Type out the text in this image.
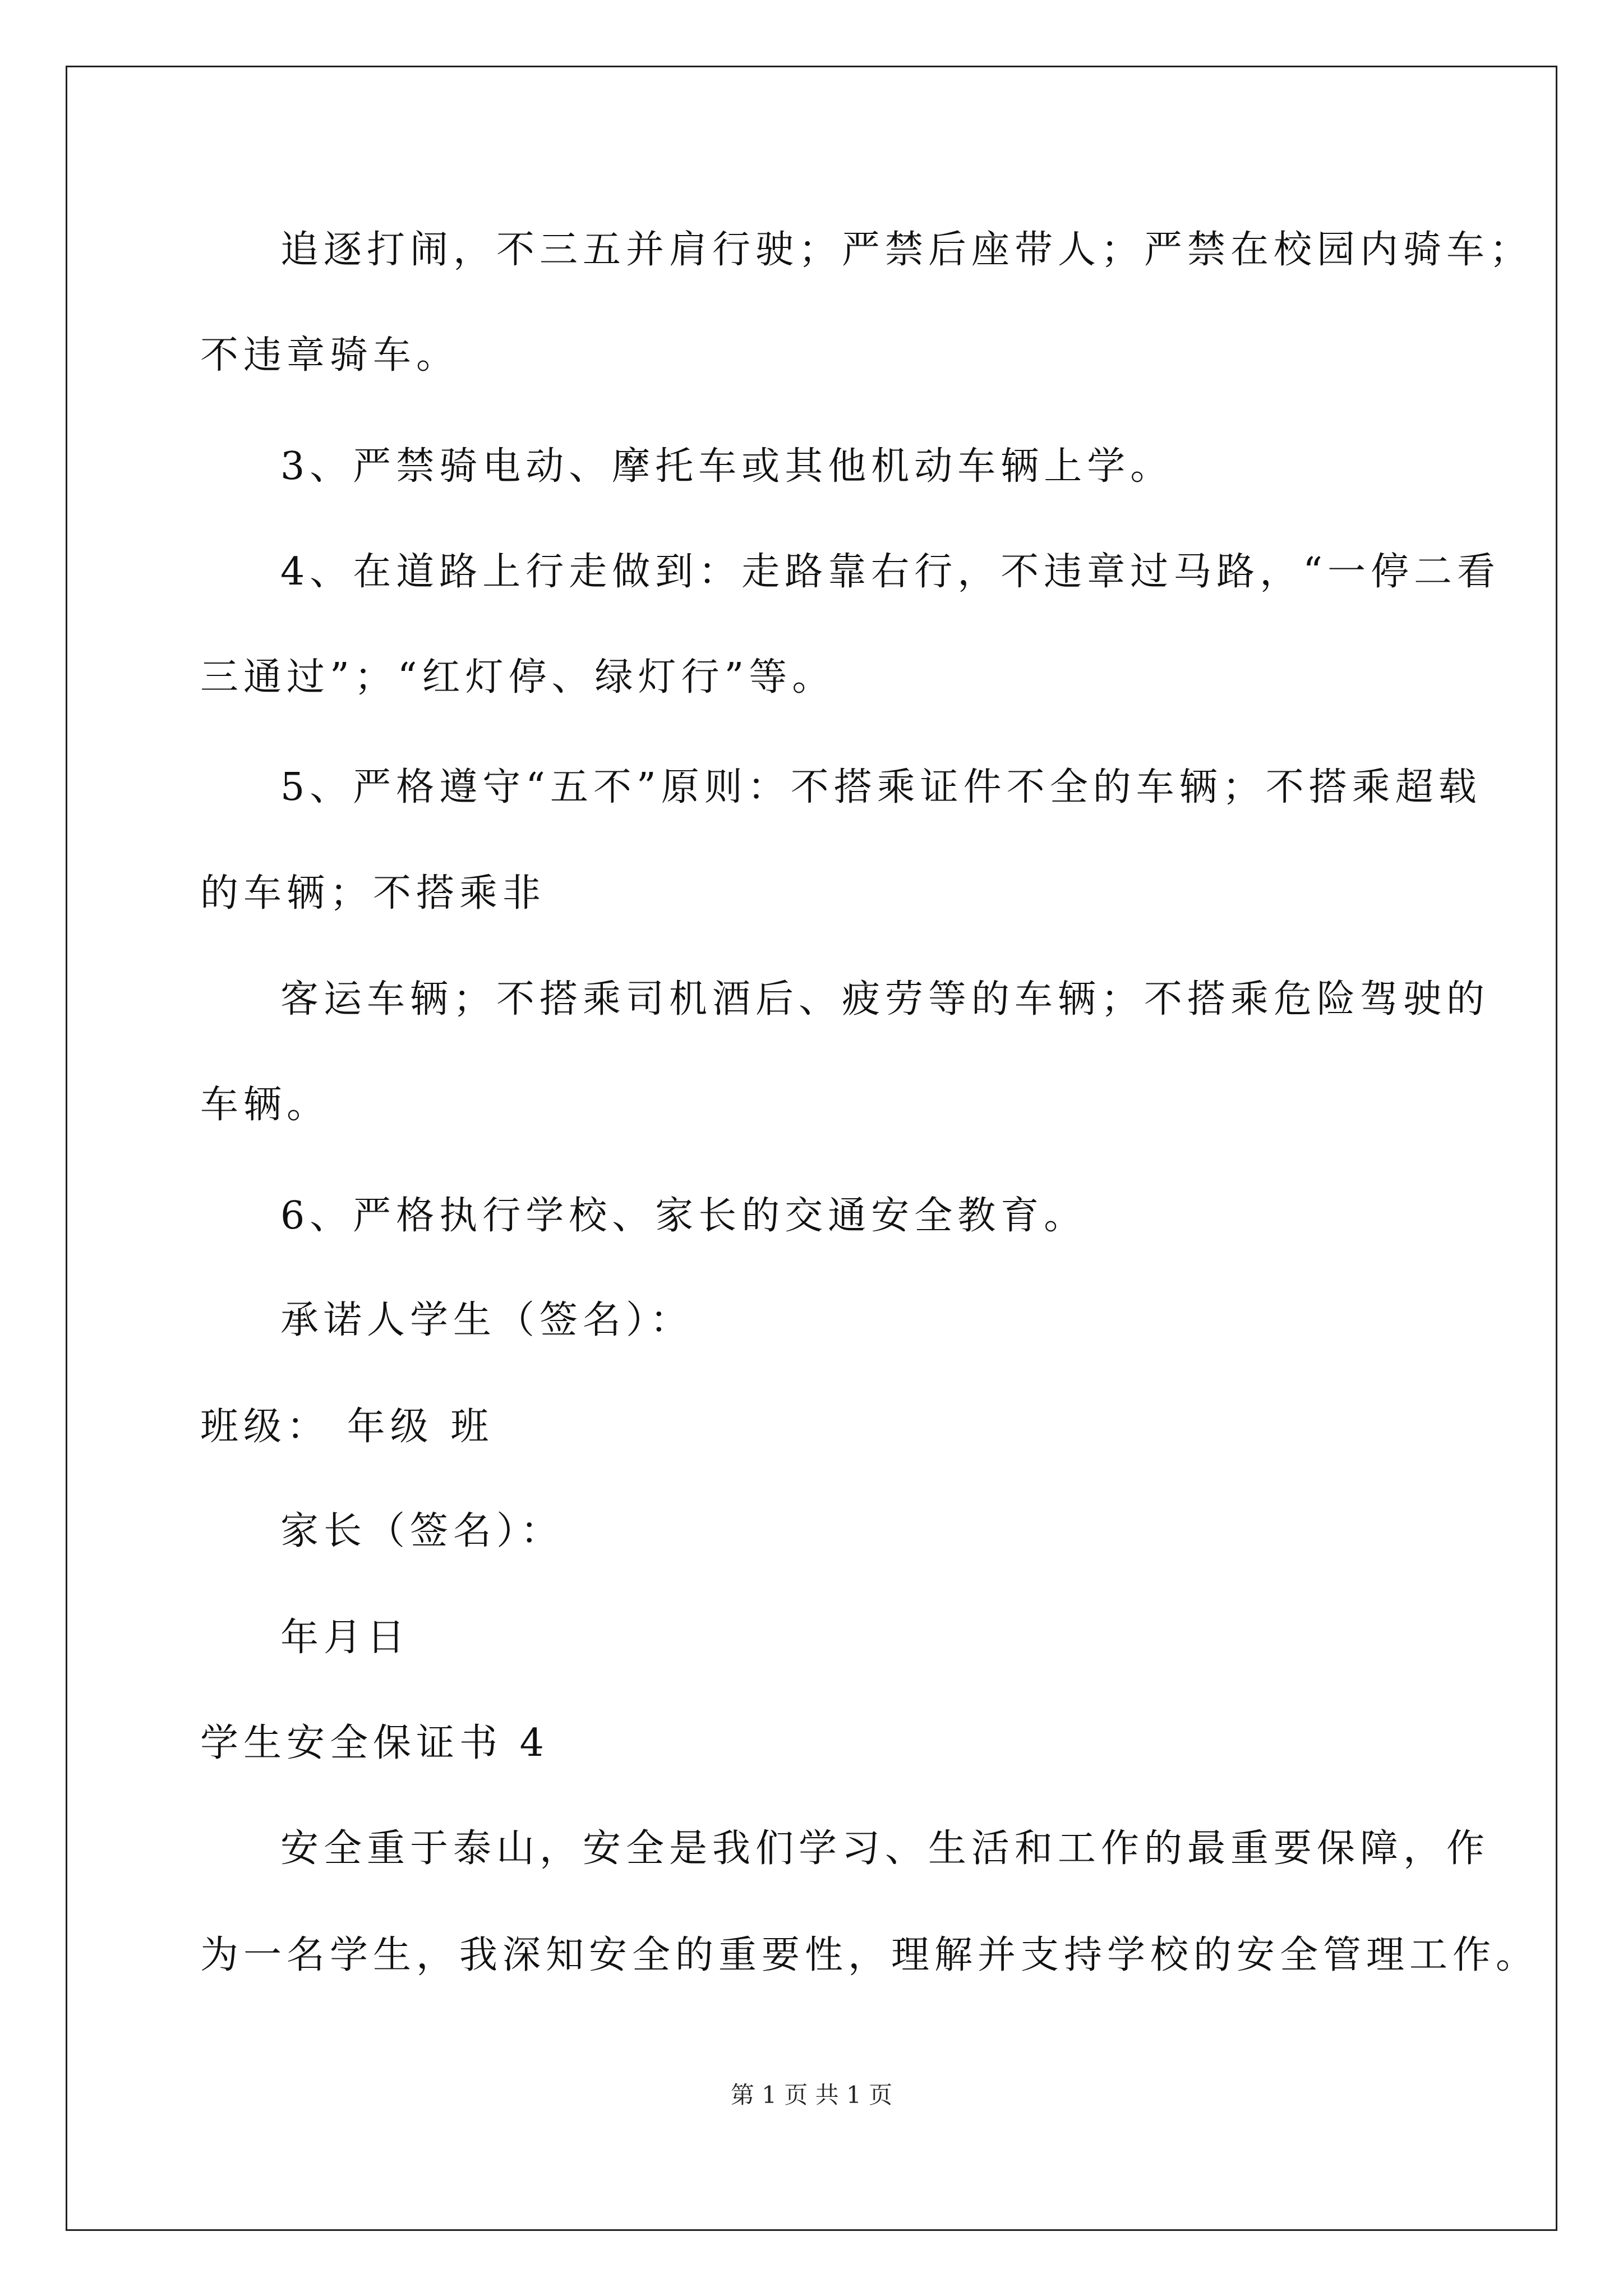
追逐打闹，不三五并肩行驶；严禁后座带人；严禁在校园内骑车；
不违章骑车。
3、严禁骑电动、摩托车或其他机动车辆上学。
4、在道路上行走做到：走路靠右行，不违章过马路，“一停二看
三通过”；“红灯停、绿灯行”等。
5、严格遵守“五不”原则：不搭乘证件不全的车辆；不搭乘超载
的车辆；不搭乘非
客运车辆；不搭乘司机酒后、疲劳等的车辆；不搭乘危险驾驶的
车辆。
6、严格执行学校、家长的交通安全教育。
承诺人学生（签名）：
班级： 年级 班
家长（签名）：
年月日
学生安全保证书 4
安全重于泰山，安全是我们学习、生活和工作的最重要保障，作
为一名学生，我深知安全的重要性，理解并支持学校的安全管理工作。
第 1 页 共 1 页
